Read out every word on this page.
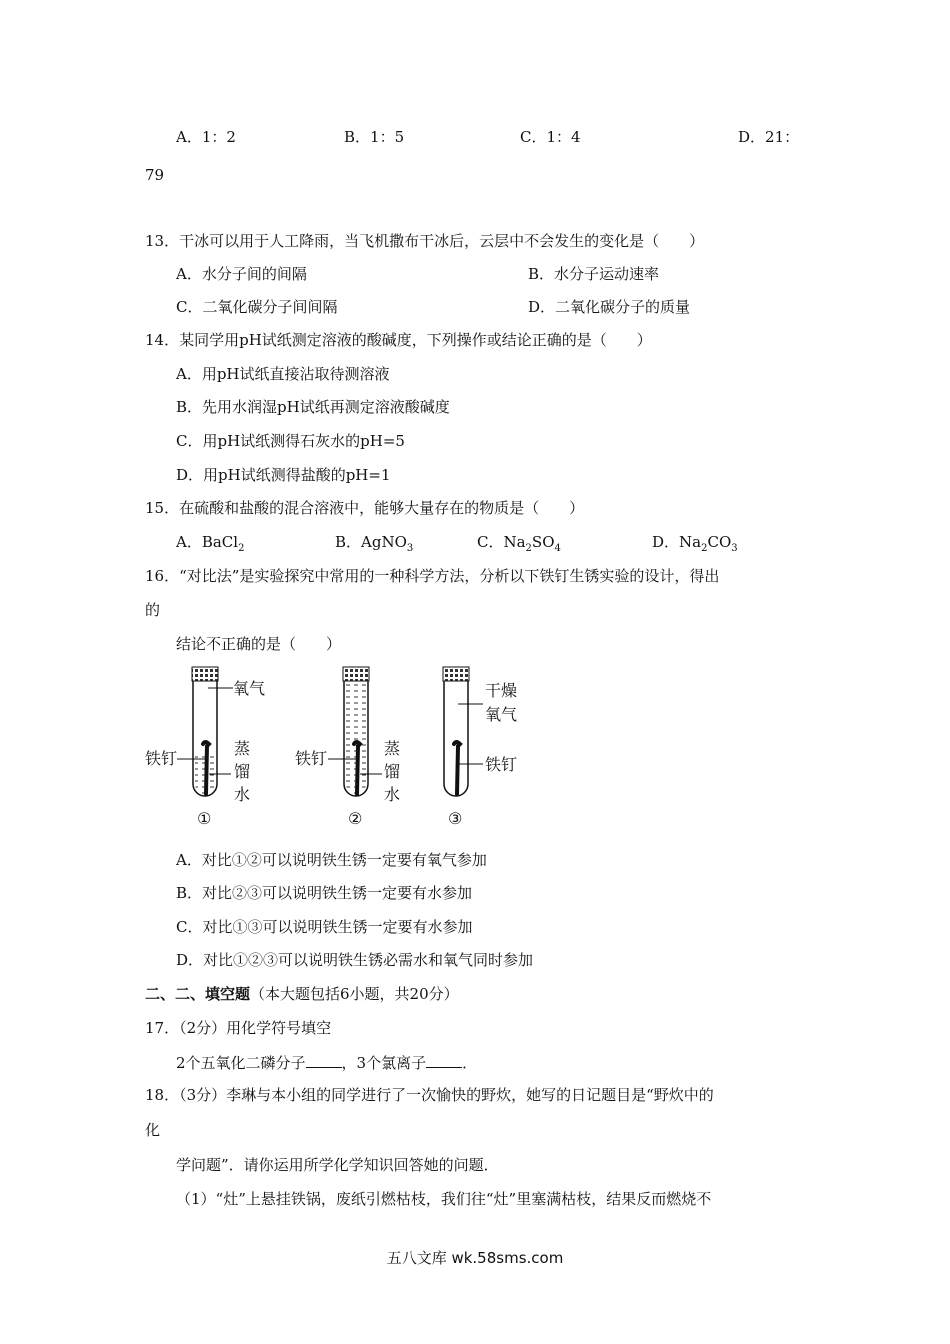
A．1：2	B．1：5	C．1：4	D．21：
79
13．干冰可以用于人工降雨，当飞机撒布干冰后，云层中不会发生的变化是（　　）
A．水分子间的间隔	B．水分子运动速率
C．二氧化碳分子间间隔	D．二氧化碳分子的质量
14．某同学用pH试纸测定溶液的酸碱度，下列操作或结论正确的是（　　）
A．用pH试纸直接沾取待测溶液
B．先用水润湿pH试纸再测定溶液酸碱度
C．用pH试纸测得石灰水的pH=5
D．用pH试纸测得盐酸的pH=1
15．在硫酸和盐酸的混合溶液中，能够大量存在的物质是（　　）
A．BaCl$_2$	B．AgNO$_3$	C．$Na_2SO_4$	D．$Na_2CO_3$
16．“对比法”是实验探究中常用的一种科学方法，分析以下铁钉生锈实验的设计，得出
的
结论不正确的是（　　）
氧气
铁钉
蒸
馏
水
①
铁钉
蒸
馏
水
②
干燥
氧气
铁钉
③
A．对比①②可以说明铁生锈一定要有氧气参加
B．对比②③可以说明铁生锈一定要有水参加
C．对比①③可以说明铁生锈一定要有水参加
D．对比①②③可以说明铁生锈必需水和氧气同时参加
二、二、填空题（本大题包括6小题，共20分）
17．（2分）用化学符号填空
2个五氧化二磷分子 ，3个氯离子 ．
18．（3分）李琳与本小组的同学进行了一次愉快的野炊，她写的日记题目是“野炊中的
化
学问题”．请你运用所学化学知识回答她的问题．
（1）“灶”上悬挂铁锅，废纸引燃枯枝，我们往“灶”里塞满枯枝，结果反而燃烧不
五八文库 wk.58sms.com
